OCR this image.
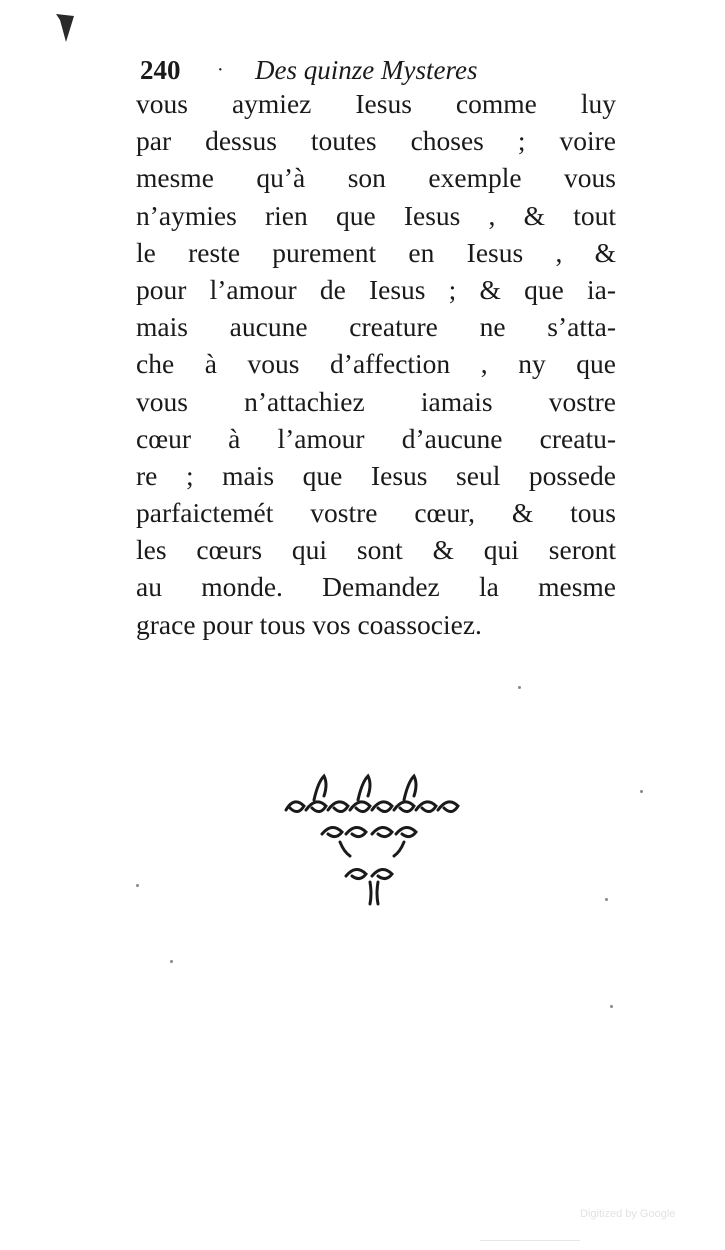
240 · Des quinze Mysteres
vous aymiez Iesus comme luy
par dessus toutes choses ; voire
mesme qu’à son exemple vous
n’aymies rien que Iesus , & tout
le reste purement en Iesus , &
pour l’amour de Iesus ; & que ia-
mais aucune creature ne s’atta-
che à vous d’affection , ny que
vous n’attachiez iamais vostre
cœur à l’amour d’aucune creatu-
re ; mais que Iesus seul possede
parfaictemét vostre cœur, & tous
les cœurs qui sont & qui seront
au monde. Demandez la mesme
grace pour tous vos coassociez.
Digitized by Google
